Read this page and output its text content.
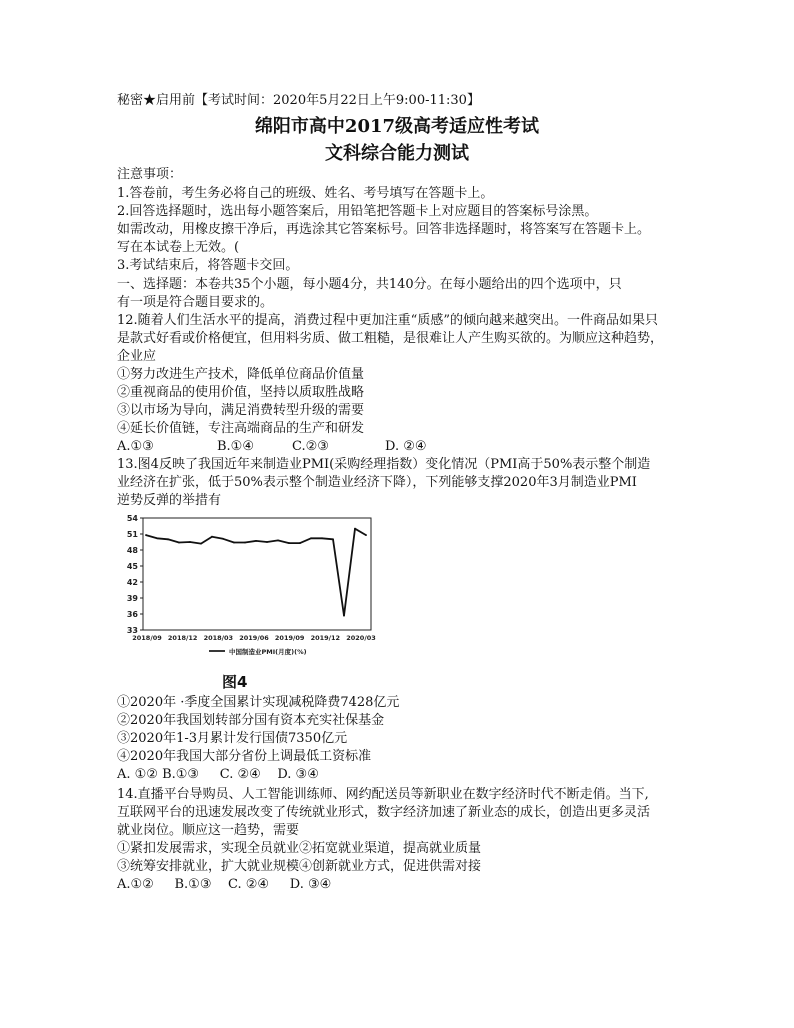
秘密★启用前【考试时间：2020年5月22日上午9:00-11:30】
绵阳市高中2017级高考适应性考试
文科综合能力测试
注意事项：
1.答卷前，考生务必将自己的班级、姓名、考号填写在答题卡上。
2.回答选择题时，选出每小题答案后，用铅笔把答题卡上对应题目的答案标号涂黑。
如需改动，用橡皮擦干净后，再选涂其它答案标号。回答非选择题时，将答案写在答题卡上。
写在本试卷上无效。(
3.考试结束后，将答题卡交回。
一、选择题：本卷共35个小题，每小题4分，共140分。在每小题给出的四个选项中，只
有一项是符合题目要求的。
12.随着人们生活水平的提高，消费过程中更加注重“质感”的倾向越来越突出。一件商品如果只
是款式好看或价格便宜，但用料劣质、做工粗糙，是很难让人产生购买欲的。为顺应这种趋势，
企业应
①努力改进生产技术，降低单位商品价值量
②重视商品的使用价值，坚持以质取胜战略
③以市场为导向，满足消费转型升级的需要
④延长价值链，专注高端商品的生产和研发
A.①③	B.①④	C.②③	D. ②④
13.图4反映了我国近年来制造业PMI(采购经理指数）变化情况（PMI高于50%表示整个制造
业经济在扩张，低于50%表示整个制造业经济下降），下列能够支撑2020年3月制造业PMI
逆势反弹的举措有
33
36
39
42
45
48
51
54
2018/09 2018/12 2018/03 2019/06 2019/09 2019/12 2020/03
中国制造业PMI(月度)(%)
图4
①2020年 ·季度全国累计实现减税降费7428亿元
②2020年我国划转部分国有资本充实社保基金
③2020年1-3月累计发行国债7350亿元
④2020年我国大部分省份上调最低工资标准
A. ①② B.①③     C. ②④    D. ③④
14.直播平台导购员、人工智能训练师、网约配送员等新职业在数字经济时代不断走俏。当下,
互联网平台的迅速发展改变了传统就业形式，数字经济加速了新业态的成长，创造出更多灵活
就业岗位。顺应这一趋势，需要
①紧扣发展需求，实现全员就业②拓宽就业渠道，提高就业质量
③统筹安排就业，扩大就业规模④创新就业方式，促进供需对接
A.①②     B.①③    C. ②④     D. ③④
